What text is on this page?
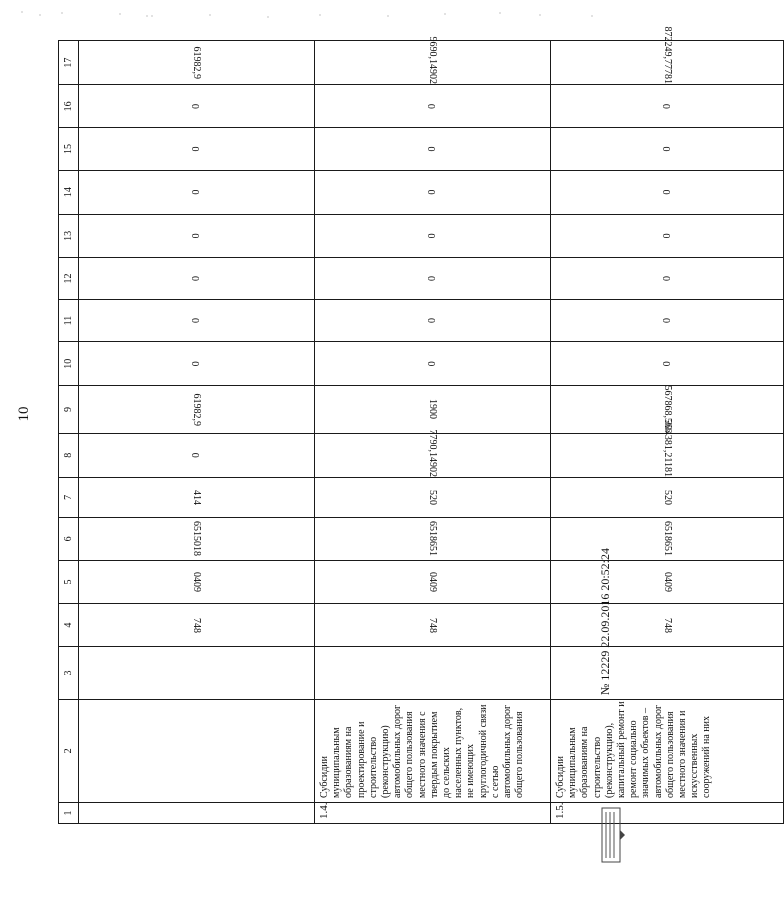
10
1	2	3	4	5	6	7	8	9	10	11	12	13	14	15	16	17
			748	0409	6515018	414	0	61982,9	0	0	0	0	0	0	0	61982,9
1.4.	Субсидии муниципальным образованиям на проектирование и строительство (реконструкцию) автомобильных дорог общего пользования местного значения с твердым покрытием до сельских населенных пунктов, не имеющих круглогодичной связи с сетью автомобильных дорог общего пользования		748	0409	6518651	520	7790,14902	1900	0	0	0	0	0	0	0	9690,14902
1.5.	Субсидии муниципальным образованиям на строительство (реконструкцию), капитальный ремонт и ремонт социально значимых объектов – автомобильных дорог общего пользования местного значения и искусственных сооружений на них		748	0409	6518651	520	304381,21181	567868,566	0	0	0	0	0	0	0	872249,77781
№ 12229 22.09.2016 20:52:24
